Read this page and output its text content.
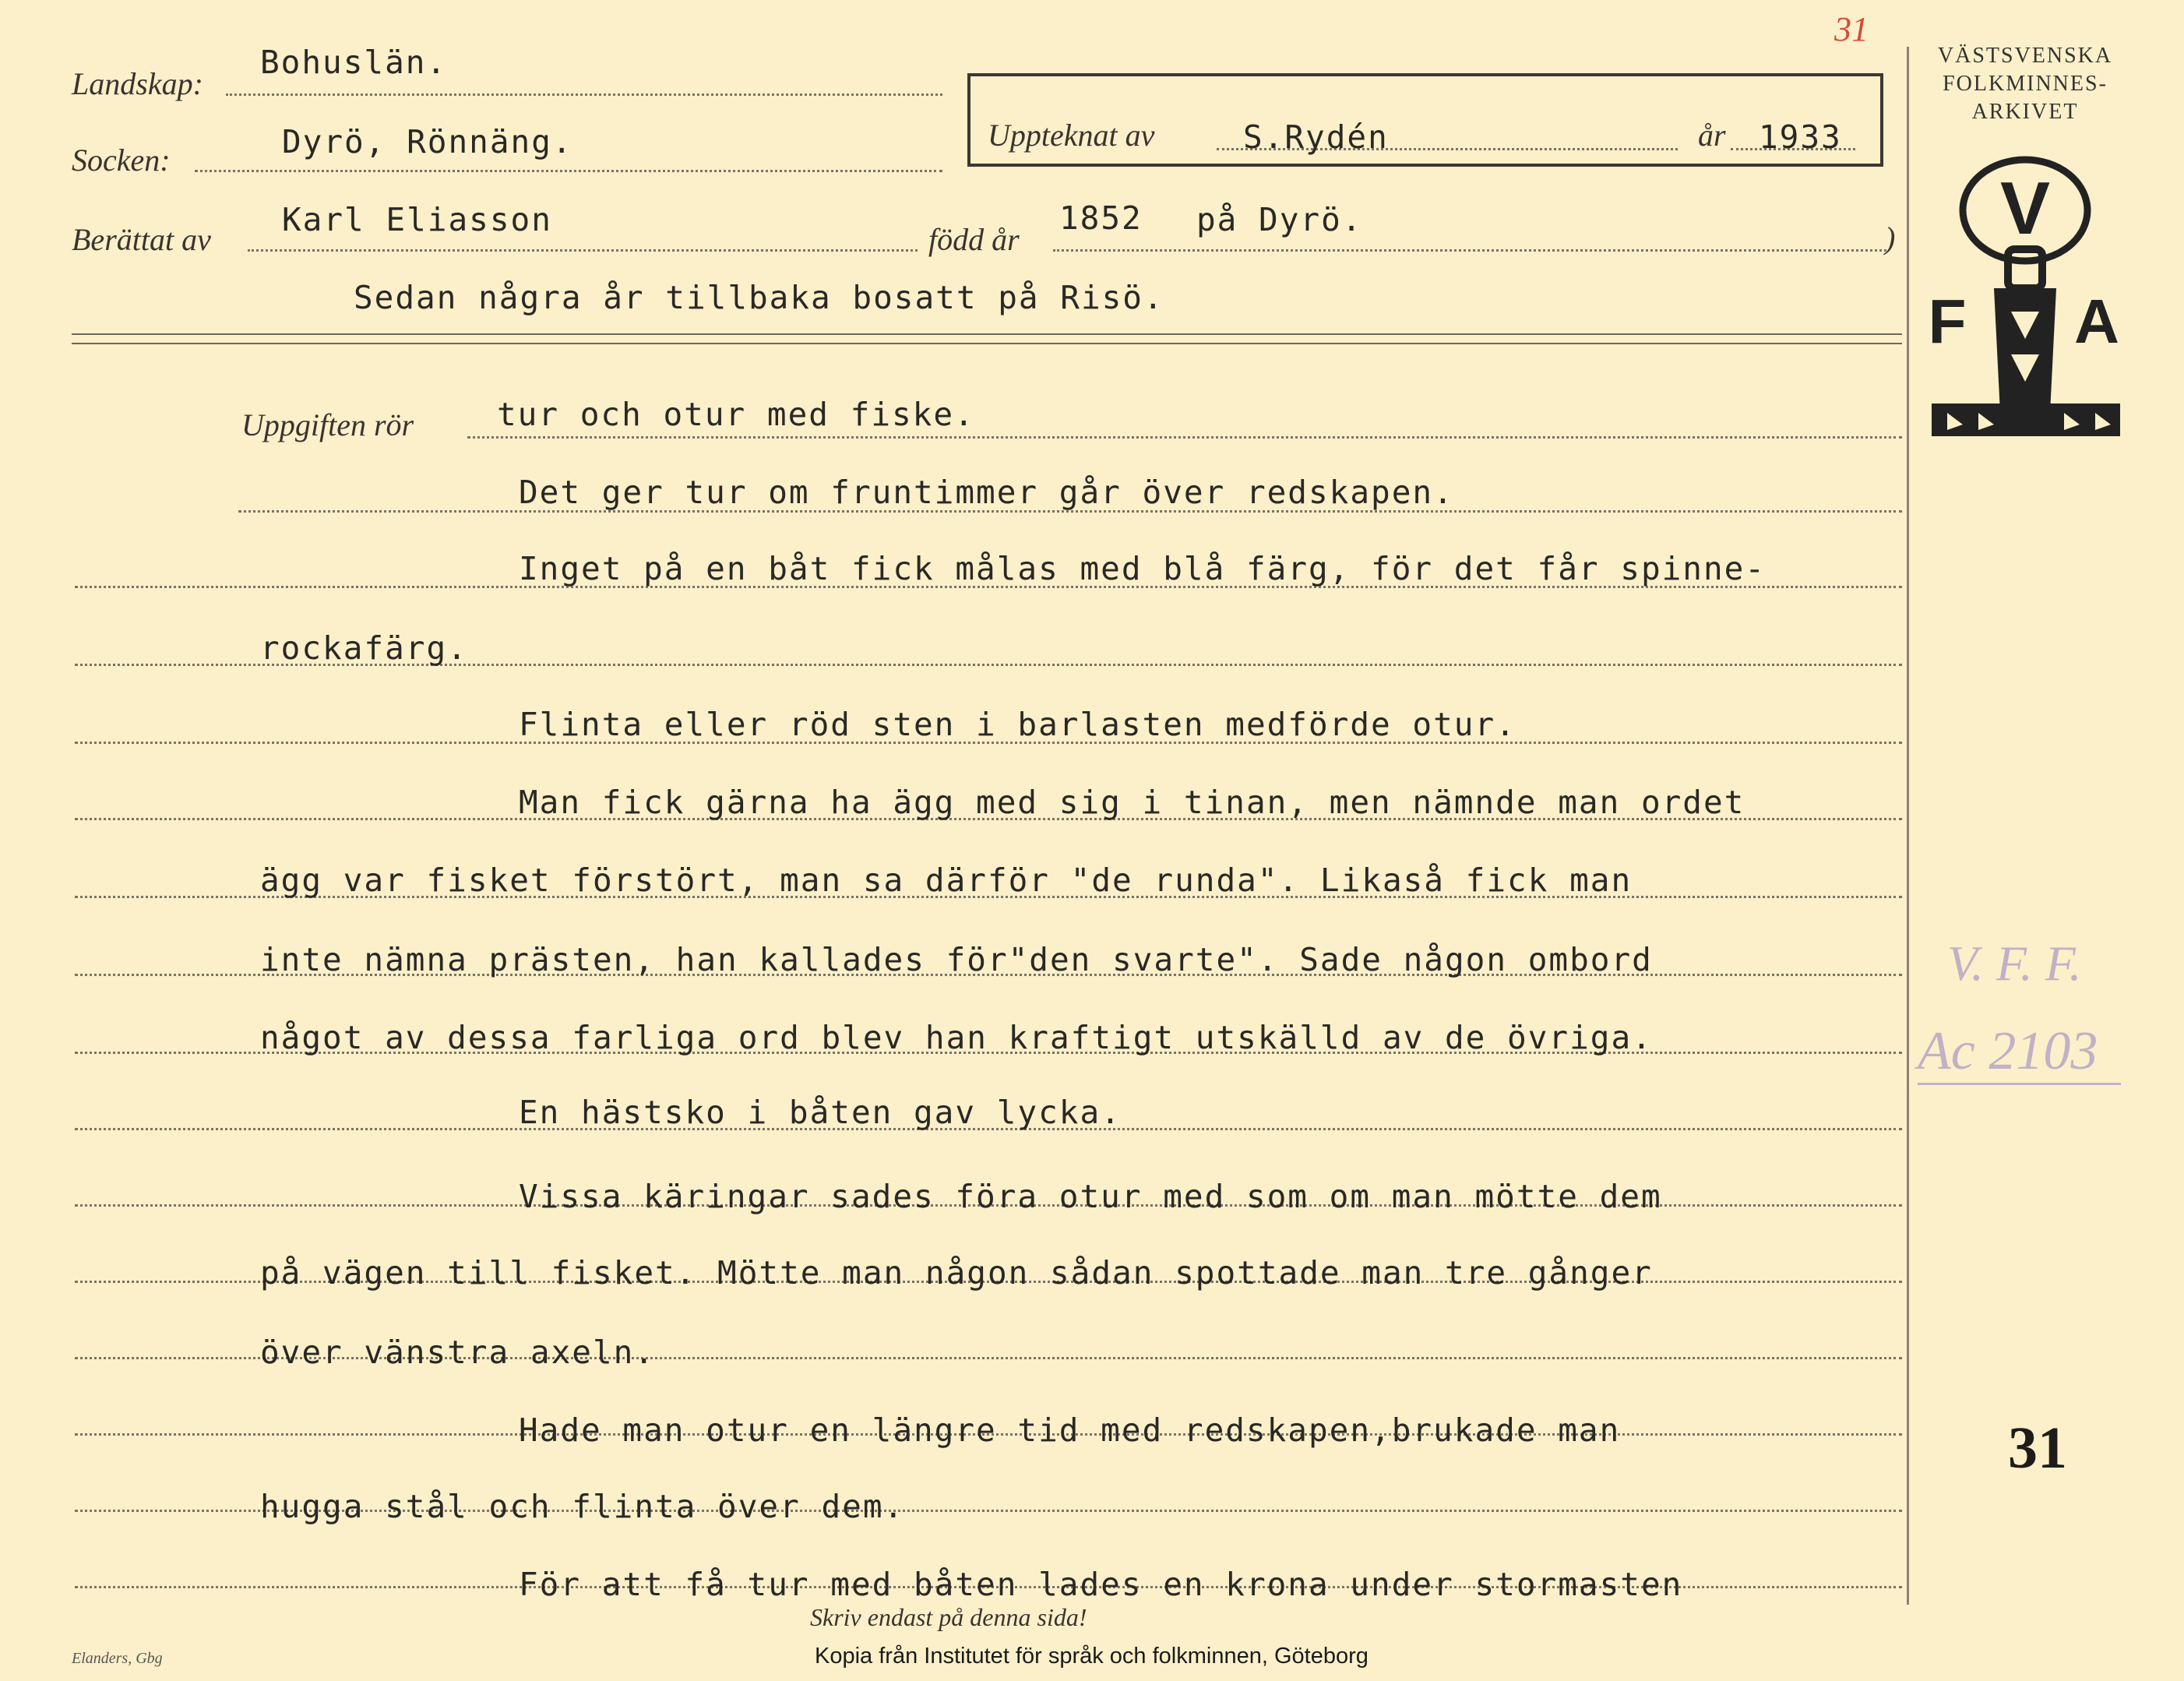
31
VÄSTSVENSKA
FOLKMINNES-
ARKIVET
V
F A
Landskap:
Bohuslän.
Socken:	Dyrö, Rönnäng.	Uppteknat av	S.Rydén	år 1933
Berättat av
Karl Eliasson
född år
1852 på Dyrö.	)
Sedan några år tillbaka bosatt på Risö.
Uppgiften rör	tur och otur med fiske.
Det ger tur om fruntimmer går över redskapen.
Inget på en båt fick målas med blå färg, för det får spinne-
rockafärg.
Flinta eller röd sten i barlasten medförde otur.
Man fick gärna ha ägg med sig i tinan, men nämnde man ordet
ägg var fisket förstört, man sa därför "de runda". Likaså fick man
inte nämna prästen, han kallades för"den svarte". Sade någon ombord
något av dessa farliga ord blev han kraftigt utskälld av de övriga.
En hästsko i båten gav lycka.
Vissa käringar sades föra otur med som om man mötte dem
på vägen till fisket. Mötte man någon sådan spottade man tre gånger
över vänstra axeln.
Hade man otur en längre tid med redskapen,brukade man
hugga stål och flinta över dem.
För att få tur med båten lades en krona under stormasten
V. F. F.
Ac 2103
31
Skriv endast på denna sida!
Elanders, Gbg	Kopia från Institutet för språk och folkminnen, Göteborg
